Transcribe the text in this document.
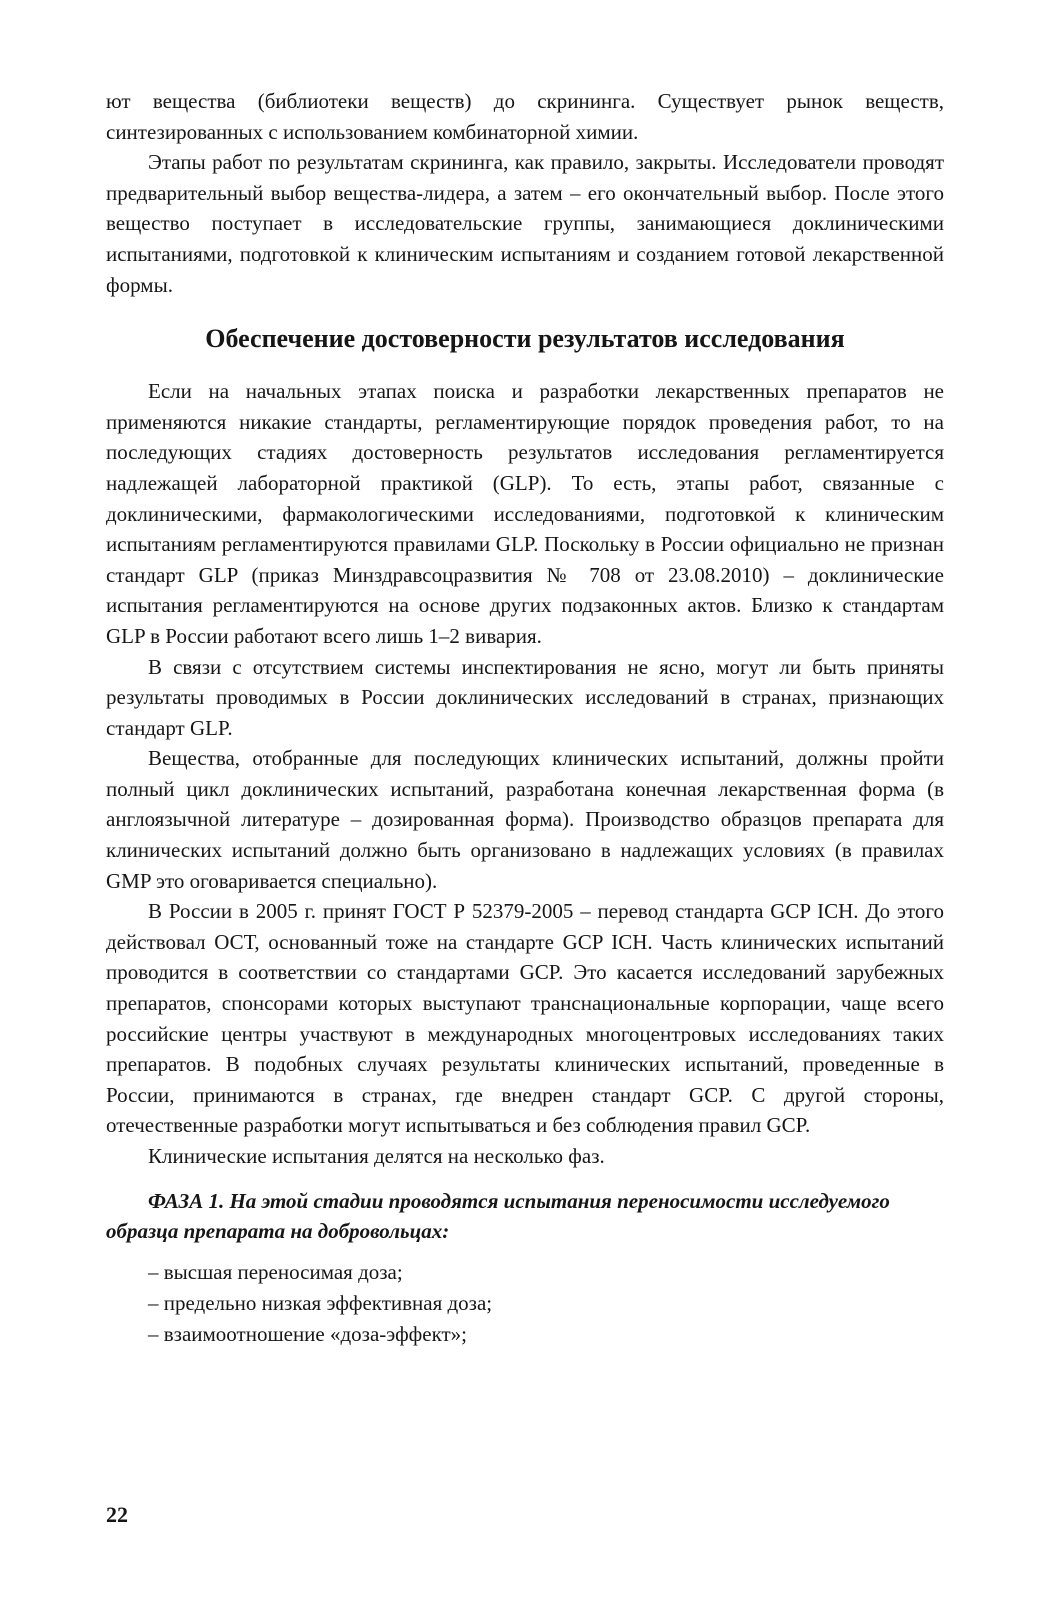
ют вещества (библиотеки веществ) до скрининга. Существует рынок веществ, синтезированных с использованием комбинаторной химии.

Этапы работ по результатам скрининга, как правило, закрыты. Исследователи проводят предварительный выбор вещества-лидера, а затем – его окончательный выбор. После этого вещество поступает в исследовательские группы, занимающиеся доклиническими испытаниями, подготовкой к клиническим испытаниям и созданием готовой лекарственной формы.

Обеспечение достоверности результатов исследования

Если на начальных этапах поиска и разработки лекарственных препаратов не применяются никакие стандарты, регламентирующие порядок проведения работ, то на последующих стадиях достоверность результатов исследования регламентируется надлежащей лабораторной практикой (GLP). То есть, этапы работ, связанные с доклиническими, фармакологическими исследованиями, подготовкой к клиническим испытаниям регламентируются правилами GLP. Поскольку в России официально не признан стандарт GLP (приказ Минздравсоцразвития № 708 от 23.08.2010) – доклинические испытания регламентируются на основе других подзаконных актов. Близко к стандартам GLP в России работают всего лишь 1–2 вивария.

В связи с отсутствием системы инспектирования не ясно, могут ли быть приняты результаты проводимых в России доклинических исследований в странах, признающих стандарт GLP.

Вещества, отобранные для последующих клинических испытаний, должны пройти полный цикл доклинических испытаний, разработана конечная лекарственная форма (в англоязычной литературе – дозированная форма). Производство образцов препарата для клинических испытаний должно быть организовано в надлежащих условиях (в правилах GMP это оговаривается специально).

В России в 2005 г. принят ГОСТ Р 52379-2005 – перевод стандарта GCP ICH. До этого действовал ОСТ, основанный тоже на стандарте GCP ICH. Часть клинических испытаний проводится в соответствии со стандартами GCP. Это касается исследований зарубежных препаратов, спонсорами которых выступают транснациональные корпорации, чаще всего российские центры участвуют в международных многоцентровых исследованиях таких препаратов. В подобных случаях результаты клинических испытаний, проведенные в России, принимаются в странах, где внедрен стандарт GCP. С другой стороны, отечественные разработки могут испытываться и без соблюдения правил GCP.

Клинические испытания делятся на несколько фаз.

ФАЗА 1. На этой стадии проводятся испытания переносимости исследуемого образца препарата на добровольцах:

– высшая переносимая доза;
– предельно низкая эффективная доза;
– взаимоотношение «доза-эффект»;
22
